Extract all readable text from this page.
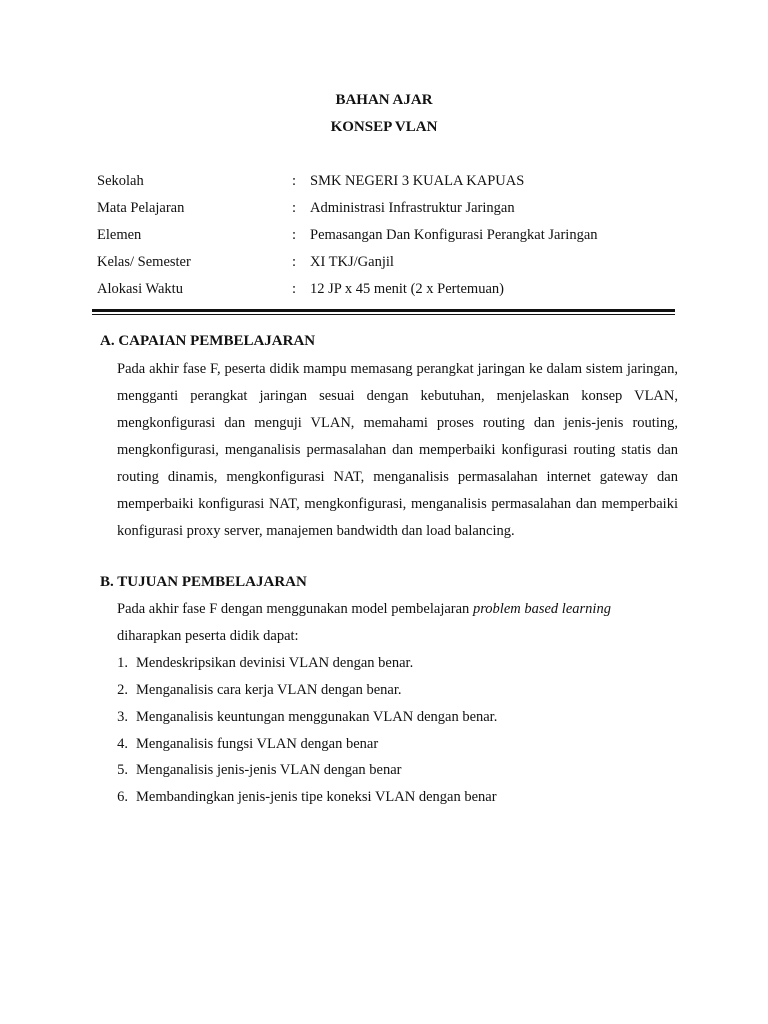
BAHAN AJAR
KONSEP VLAN
Sekolah	: SMK NEGERI 3 KUALA KAPUAS
Mata Pelajaran	: Administrasi Infrastruktur Jaringan
Elemen	: Pemasangan Dan Konfigurasi Perangkat Jaringan
Kelas/ Semester	: XI TKJ/Ganjil
Alokasi Waktu	: 12 JP x 45 menit (2 x Pertemuan)
A. CAPAIAN PEMBELAJARAN

Pada akhir fase F, peserta didik mampu memasang perangkat jaringan ke dalam sistem jaringan, mengganti perangkat jaringan sesuai dengan kebutuhan, menjelaskan konsep VLAN, mengkonfigurasi dan menguji VLAN, memahami proses routing dan jenis-jenis routing, mengkonfigurasi, menganalisis permasalahan dan memperbaiki konfigurasi routing statis dan routing dinamis, mengkonfigurasi NAT, menganalisis permasalahan internet gateway dan memperbaiki konfigurasi NAT, mengkonfigurasi, menganalisis permasalahan dan memperbaiki konfigurasi proxy server, manajemen bandwidth dan load balancing.

B. TUJUAN PEMBELAJARAN
Pada akhir fase F dengan menggunakan model pembelajaran problem based learning
diharapkan peserta didik dapat:
1. Mendeskripsikan devinisi VLAN dengan benar.
2. Menganalisis cara kerja VLAN dengan benar.
3. Menganalisis keuntungan menggunakan VLAN dengan benar.
4. Menganalisis fungsi VLAN dengan benar
5. Menganalisis jenis-jenis VLAN dengan benar
6. Membandingkan jenis-jenis tipe koneksi VLAN dengan benar
